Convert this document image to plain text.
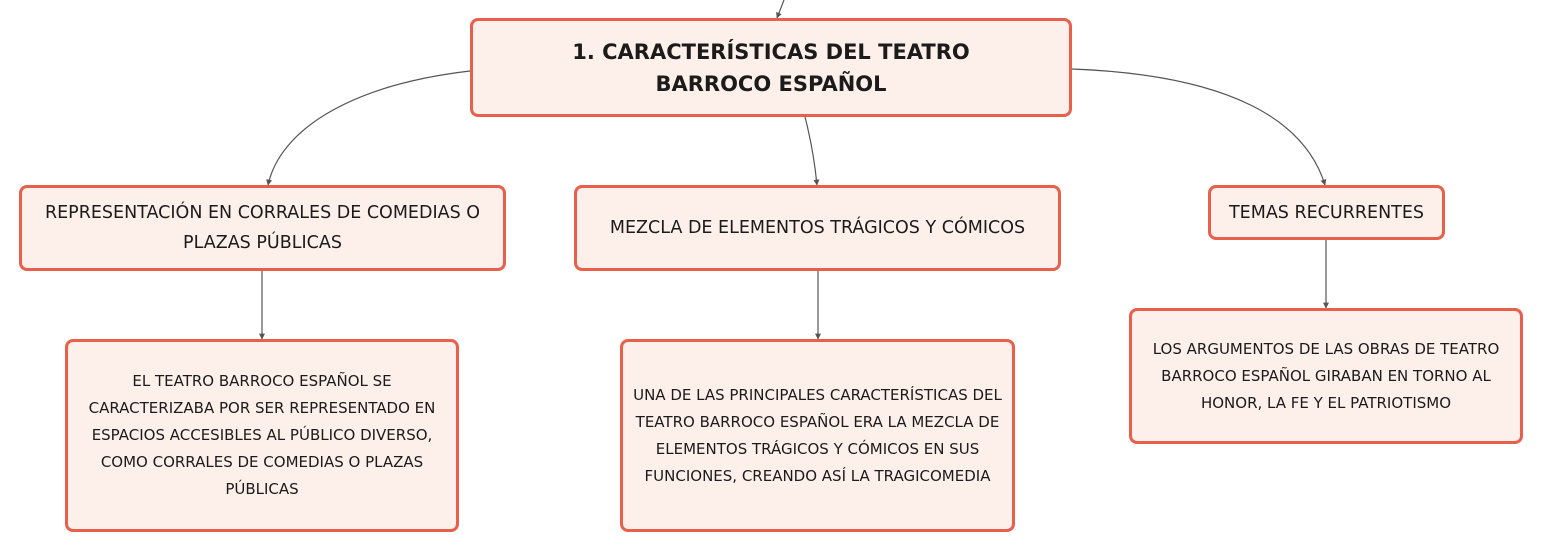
1. CARACTERÍSTICAS DEL TEATRO BARROCO ESPAÑOL
REPRESENTACIÓN EN CORRALES DE COMEDIAS O PLAZAS PÚBLICAS
MEZCLA DE ELEMENTOS TRÁGICOS Y CÓMICOS
TEMAS RECURRENTES
EL TEATRO BARROCO ESPAÑOL SE CARACTERIZABA POR SER REPRESENTADO EN ESPACIOS ACCESIBLES AL PÚBLICO DIVERSO, COMO CORRALES DE COMEDIAS O PLAZAS PÚBLICAS
UNA DE LAS PRINCIPALES CARACTERÍSTICAS DEL TEATRO BARROCO ESPAÑOL ERA LA MEZCLA DE ELEMENTOS TRÁGICOS Y CÓMICOS EN SUS FUNCIONES, CREANDO ASÍ LA TRAGICOMEDIA
LOS ARGUMENTOS DE LAS OBRAS DE TEATRO BARROCO ESPAÑOL GIRABAN EN TORNO AL HONOR, LA FE Y EL PATRIOTISMO
